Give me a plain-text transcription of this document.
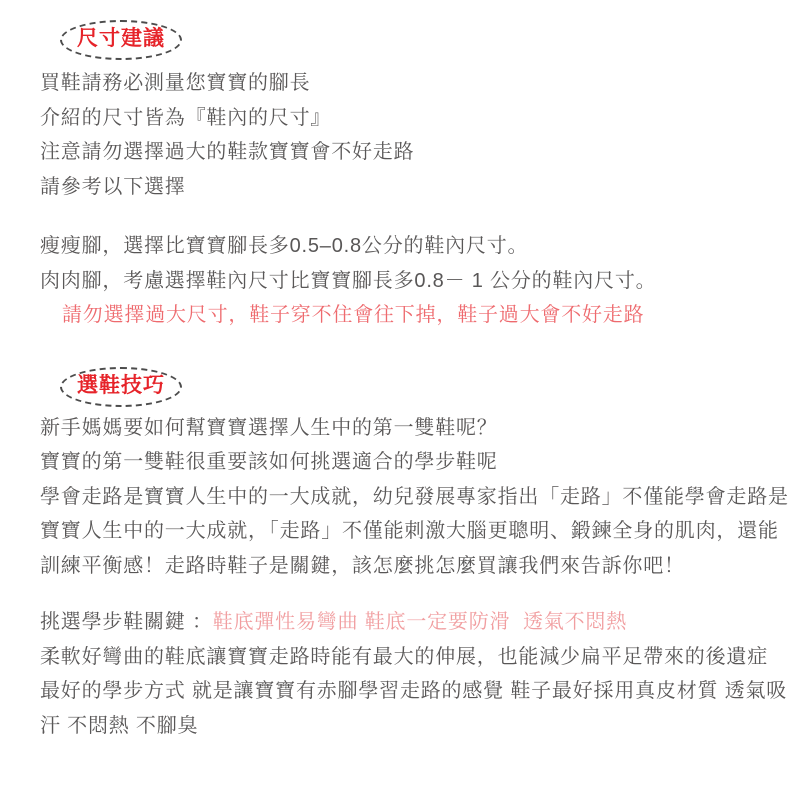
尺寸建議
買鞋請務必測量您寶寶的腳長
介紹的尺寸皆為『鞋內的尺寸』
注意請勿選擇過大的鞋款寶寶會不好走路
請參考以下選擇
瘦瘦腳，選擇比寶寶腳長多0.5–0.8公分的鞋內尺寸。
肉肉腳，考慮選擇鞋內尺寸比寶寶腳長多0.8－ 1 公分的鞋內尺寸。
請勿選擇過大尺寸，鞋子穿不住會往下掉，鞋子過大會不好走路
選鞋技巧
新手媽媽要如何幫寶寶選擇人生中的第一雙鞋呢？
寶寶的第一雙鞋很重要該如何挑選適合的學步鞋呢
學會走路是寶寶人生中的一大成就，幼兒發展專家指出「走路」不僅能學會走路是
寶寶人生中的一大成就，「走路」不僅能刺激大腦更聰明、鍛鍊全身的肌肉，還能
訓練平衡感！走路時鞋子是關鍵，該怎麼挑怎麼買讓我們來告訴你吧！
挑選學步鞋關鍵 ：鞋底彈性易彎曲 鞋底一定要防滑  透氣不悶熱
柔軟好彎曲的鞋底讓寶寶走路時能有最大的伸展，也能減少扁平足帶來的後遺症
最好的學步方式 就是讓寶寶有赤腳學習走路的感覺 鞋子最好採用真皮材質 透氣吸
汗 不悶熱 不腳臭
